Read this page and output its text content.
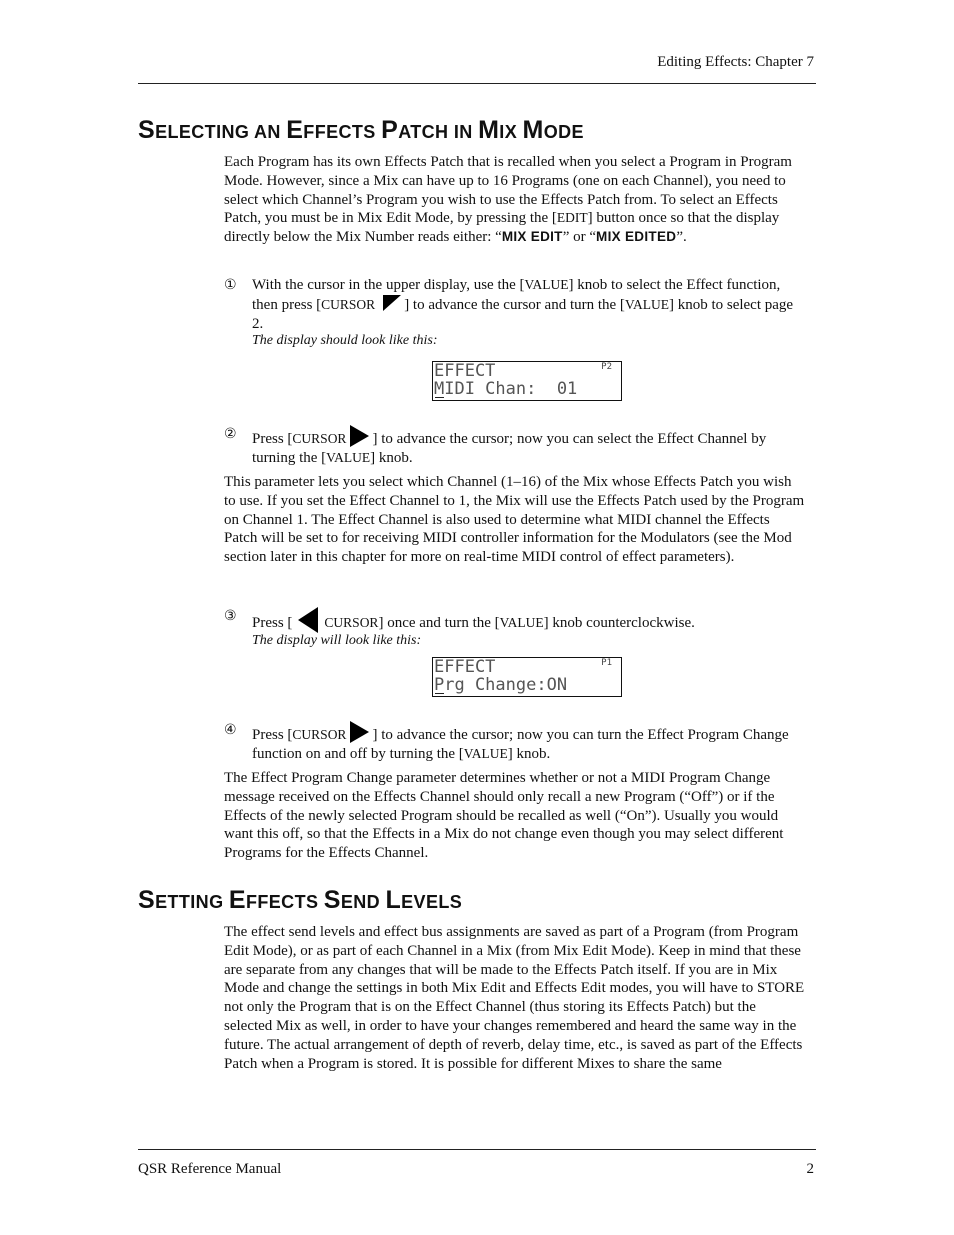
Editing Effects: Chapter 7
SELECTING AN EFFECTS PATCH IN MIX MODE

Each Program has its own Effects Patch that is recalled when you select a Program in Program Mode. However, since a Mix can have up to 16 Programs (one on each Channel), you need to select which Channel’s Program you wish to use the Effects Patch from. To select an Effects Patch, you must be in Mix Edit Mode, by pressing the [EDIT] button once so that the display directly below the Mix Number reads either: “MIX EDIT” or “MIX EDITED”.

①	With the cursor in the upper display, use the [VALUE] knob to select the Effect function, then press [CURSOR ] to advance the cursor and turn the [VALUE] knob to select page 2.
The display should look like this:
EFFECT
MIDI Chan:  01
P2
②	Press [CURSOR ] to advance the cursor; now you can select the Effect Channel by turning the [VALUE] knob.

This parameter lets you select which Channel (1–16) of the Mix whose Effects Patch you wish to use. If you set the Effect Channel to 1, the Mix will use the Effects Patch used by the Program on Channel 1. The Effect Channel is also used to determine what MIDI channel the Effects Patch will be set to for receiving MIDI controller information for the Modulators (see the Mod section later in this chapter for more on real-time MIDI control of effect parameters).

③	Press [ CURSOR] once and turn the [VALUE] knob counterclockwise.
The display will look like this:
EFFECT
Prg Change:ON
P1
④	Press [CURSOR ] to advance the cursor; now you can turn the Effect Program Change function on and off by turning the [VALUE] knob.

The Effect Program Change parameter determines whether or not a MIDI Program Change message received on the Effects Channel should only recall a new Program (“Off”) or if the Effects of the newly selected Program should be recalled as well (“On”). Usually you would want this off, so that the Effects in a Mix do not change even though you may select different Programs for the Effects Channel.

SETTING EFFECTS SEND LEVELS

The effect send levels and effect bus assignments are saved as part of a Program (from Program Edit Mode), or as part of each Channel in a Mix (from Mix Edit Mode). Keep in mind that these are separate from any changes that will be made to the Effects Patch itself. If you are in Mix Mode and change the settings in both Mix Edit and Effects Edit modes, you will have to STORE not only the Program that is on the Effect Channel (thus storing its Effects Patch) but the selected Mix as well, in order to have your changes remembered and heard the same way in the future. The actual arrangement of depth of reverb, delay time, etc., is saved as part of the Effects Patch when a Program is stored. It is possible for different Mixes to share the same

QSR Reference Manual	2
